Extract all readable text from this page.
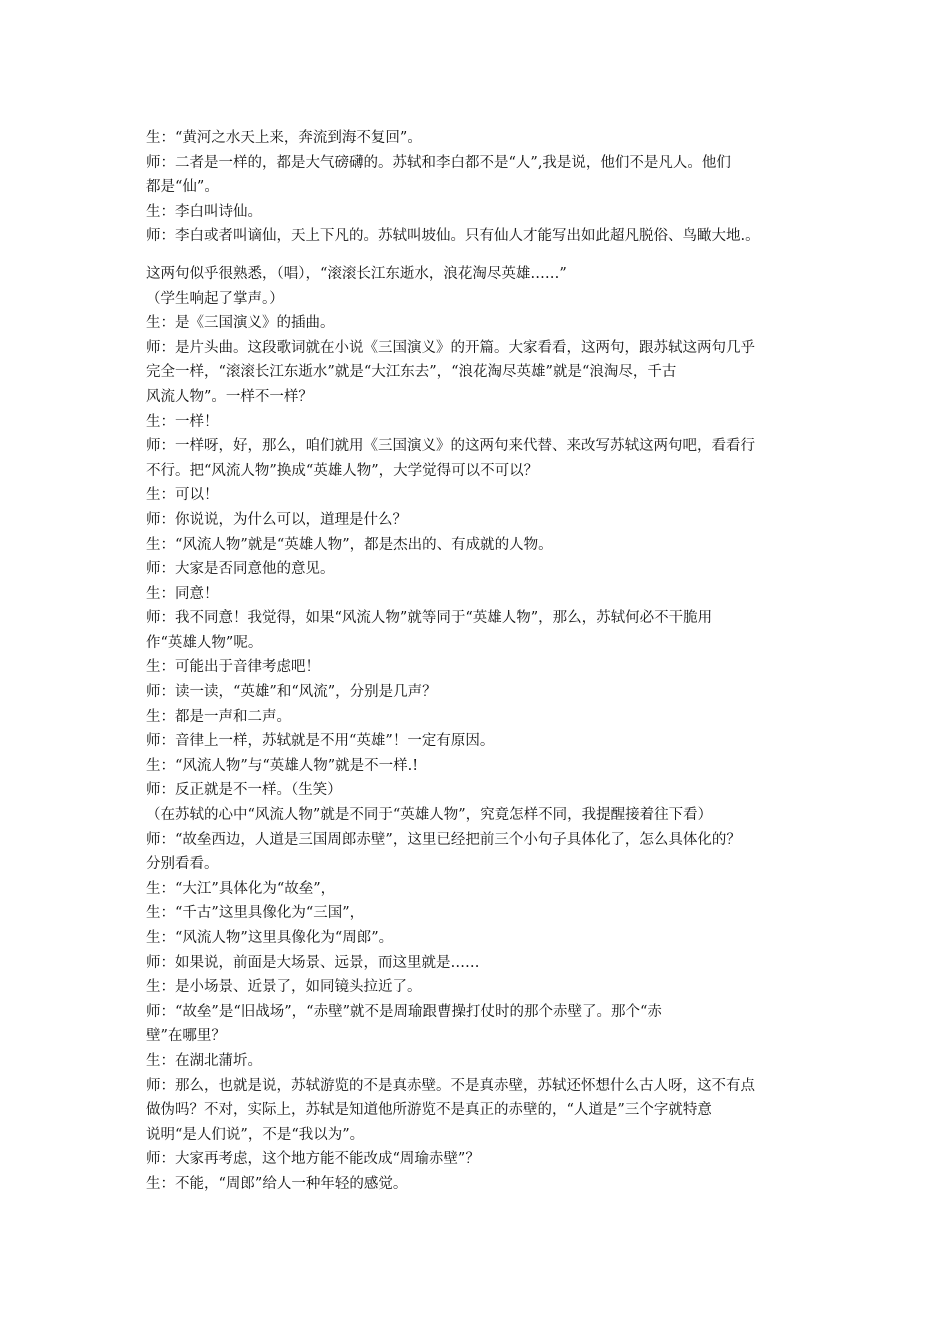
生：“黄河之水天上来，奔流到海不复回”。
师：二者是一样的，都是大气磅礴的。苏轼和李白都不是“人”,我是说，他们不是凡人。他们
都是“仙”。
生：李白叫诗仙。
师：李白或者叫谪仙，天上下凡的。苏轼叫坡仙。只有仙人才能写出如此超凡脱俗、鸟瞰大地.。
这两句似乎很熟悉，（唱），“滚滚长江东逝水，浪花淘尽英雄……”
（学生响起了掌声。）
生：是《三国演义》的插曲。
师：是片头曲。这段歌词就在小说《三国演义》的开篇。大家看看，这两句，跟苏轼这两句几乎
完全一样，“滚滚长江东逝水”就是“大江东去”，“浪花淘尽英雄”就是“浪淘尽，千古
风流人物”。一样不一样？
生：一样！
师：一样呀，好，那么，咱们就用《三国演义》的这两句来代替、来改写苏轼这两句吧，看看行
不行。把“风流人物”换成“英雄人物”，大学觉得可以不可以？
生：可以！
师：你说说，为什么可以，道理是什么？
生：“风流人物”就是“英雄人物”，都是杰出的、有成就的人物。
师：大家是否同意他的意见。
生：同意！
师：我不同意！我觉得，如果“风流人物”就等同于“英雄人物”，那么，苏轼何必不干脆用
作“英雄人物”呢。
生：可能出于音律考虑吧！
师：读一读，“英雄”和“风流”，分别是几声？
生：都是一声和二声。
师：音律上一样，苏轼就是不用“英雄”！一定有原因。
生：“风流人物”与“英雄人物”就是不一样.!
师：反正就是不一样。（生笑）
（在苏轼的心中“风流人物”就是不同于“英雄人物”，究竟怎样不同，我提醒接着往下看）
师：“故垒西边，人道是三国周郎赤壁”，这里已经把前三个小句子具体化了，怎么具体化的？
分别看看。
生：“大江”具体化为“故垒”，
生：“千古”这里具像化为“三国”，
生：“风流人物”这里具像化为“周郎”。
师：如果说，前面是大场景、远景，而这里就是……
生：是小场景、近景了，如同镜头拉近了。
师：“故垒”是“旧战场”，“赤壁”就不是周瑜跟曹操打仗时的那个赤壁了。那个“赤
壁”在哪里？
生：在湖北蒲圻。
师：那么，也就是说，苏轼游览的不是真赤壁。不是真赤壁，苏轼还怀想什么古人呀，这不有点
做伪吗？不对，实际上，苏轼是知道他所游览不是真正的赤壁的，“人道是”三个字就特意
说明“是人们说”，不是“我以为”。
师：大家再考虑，这个地方能不能改成“周瑜赤壁”？
生：不能，“周郎”给人一种年轻的感觉。
